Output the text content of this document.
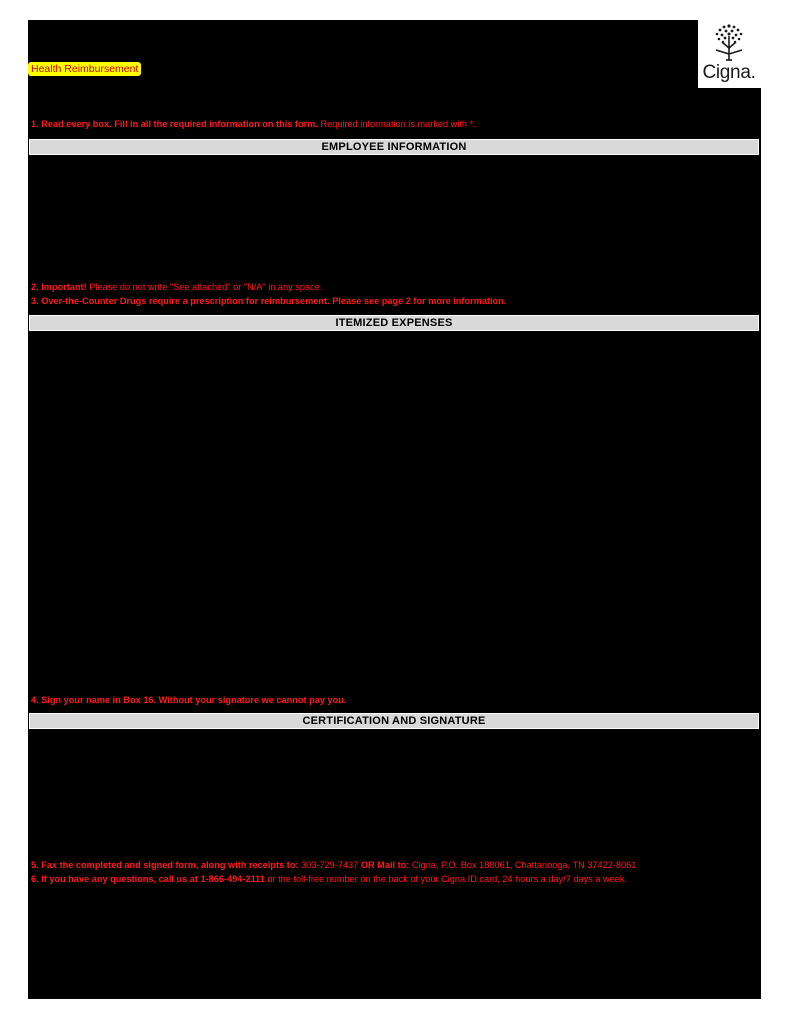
Cigna.
Health Reimbursement
1. Read every box. Fill in all the required information on this form. Required information is marked with *.
EMPLOYEE INFORMATION
2. Important! Please do not write "See attached" or "N/A" in any space.
3. Over-the-Counter Drugs require a prescription for reimbursement. Please see page 2 for more information.
ITEMIZED EXPENSES
4. Sign your name in Box 16. Without your signature we cannot pay you.
CERTIFICATION AND SIGNATURE
5. Fax the completed and signed form, along with receipts to: 303-729-7437 OR Mail to: Cigna, P.O. Box 188061, Chattanooga, TN 37422-8061
6. If you have any questions, call us at 1-866-494-2111 or the toll-free number on the back of your Cigna ID card, 24 hours a day/7 days a week.
